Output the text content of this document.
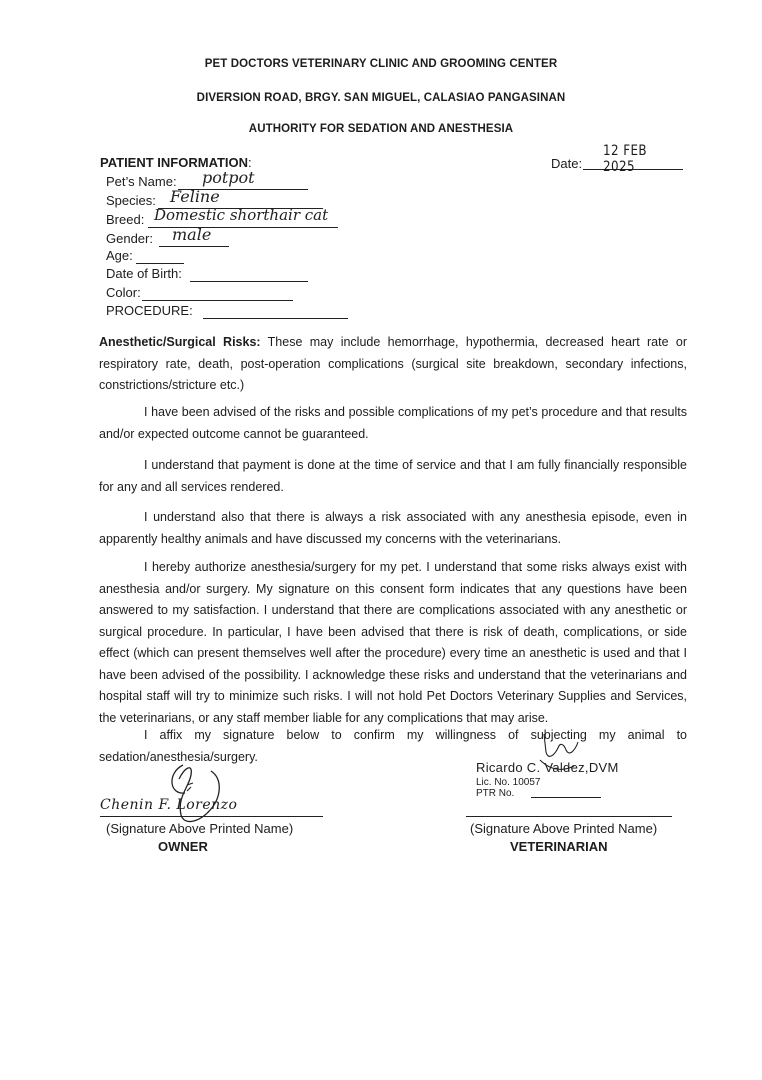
PET DOCTORS VETERINARY CLINIC AND GROOMING CENTER
DIVERSION ROAD, BRGY. SAN MIGUEL, CALASIAO PANGASINAN
AUTHORITY FOR SEDATION AND ANESTHESIA
PATIENT INFORMATION:	Date:
12 FEB 2025
Pet’s Name: potpot
Species: Feline
Breed: Domestic shorthair cat
Gender: male
Age:
Date of Birth:
Color:
PROCEDURE:
Anesthetic/Surgical Risks: These may include hemorrhage, hypothermia, decreased heart rate or respiratory rate, death, post-operation complications (surgical site breakdown, secondary infections, constrictions/stricture etc.)
I have been advised of the risks and possible complications of my pet’s procedure and that results and/or expected outcome cannot be guaranteed.
I understand that payment is done at the time of service and that I am fully financially responsible for any and all services rendered.
I understand also that there is always a risk associated with any anesthesia episode, even in apparently healthy animals and have discussed my concerns with the veterinarians.
I hereby authorize anesthesia/surgery for my pet. I understand that some risks always exist with anesthesia and/or surgery. My signature on this consent form indicates that any questions have been answered to my satisfaction. I understand that there are complications associated with any anesthetic or surgical procedure. In particular, I have been advised that there is risk of death, complications, or side effect (which can present themselves well after the procedure) every time an anesthetic is used and that I have been advised of the possibility. I acknowledge these risks and understand that the veterinarians and hospital staff will try to minimize such risks. I will not hold Pet Doctors Veterinary Supplies and Services, the veterinarians, or any staff member liable for any complications that may arise.
I affix my signature below to confirm my willingness of subjecting my animal to sedation/anesthesia/surgery.
Chenin F. Lorenzo
(Signature Above Printed Name)
OWNER
Ricardo C. Valdez,DVM
Lic. No. 10057
PTR No.
(Signature Above Printed Name)
VETERINARIAN
